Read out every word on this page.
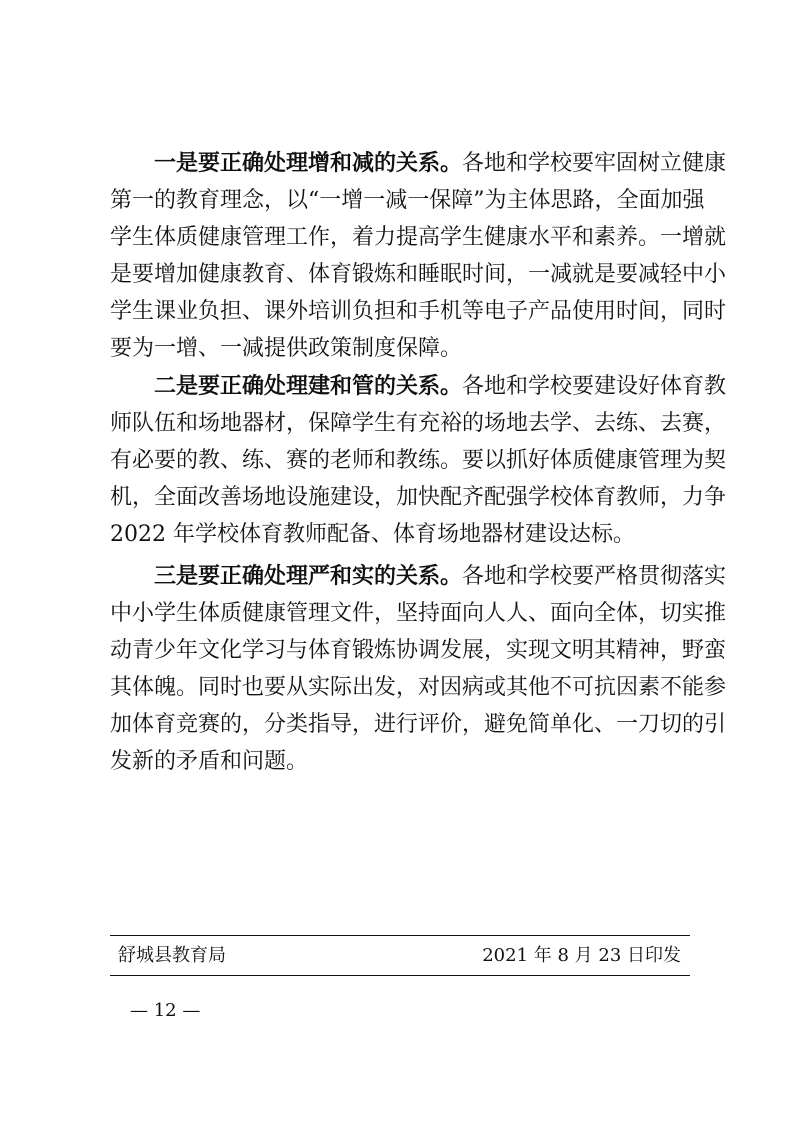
一是要正确处理增和减的关系。各地和学校要牢固树立健康
第一的教育理念，以“一增一减一保障”为主体思路，全面加强
学生体质健康管理工作，着力提高学生健康水平和素养。一增就
是要增加健康教育、体育锻炼和睡眠时间，一减就是要减轻中小
学生课业负担、课外培训负担和手机等电子产品使用时间，同时
要为一增、一减提供政策制度保障。
二是要正确处理建和管的关系。各地和学校要建设好体育教
师队伍和场地器材，保障学生有充裕的场地去学、去练、去赛，
有必要的教、练、赛的老师和教练。要以抓好体质健康管理为契
机，全面改善场地设施建设，加快配齐配强学校体育教师，力争
2022 年学校体育教师配备、体育场地器材建设达标。
三是要正确处理严和实的关系。各地和学校要严格贯彻落实
中小学生体质健康管理文件，坚持面向人人、面向全体，切实推
动青少年文化学习与体育锻炼协调发展，实现文明其精神，野蛮
其体魄。同时也要从实际出发，对因病或其他不可抗因素不能参
加体育竞赛的，分类指导，进行评价，避免简单化、一刀切的引
发新的矛盾和问题。
舒城县教育局	2021 年 8 月 23 日印发
— 12 —
